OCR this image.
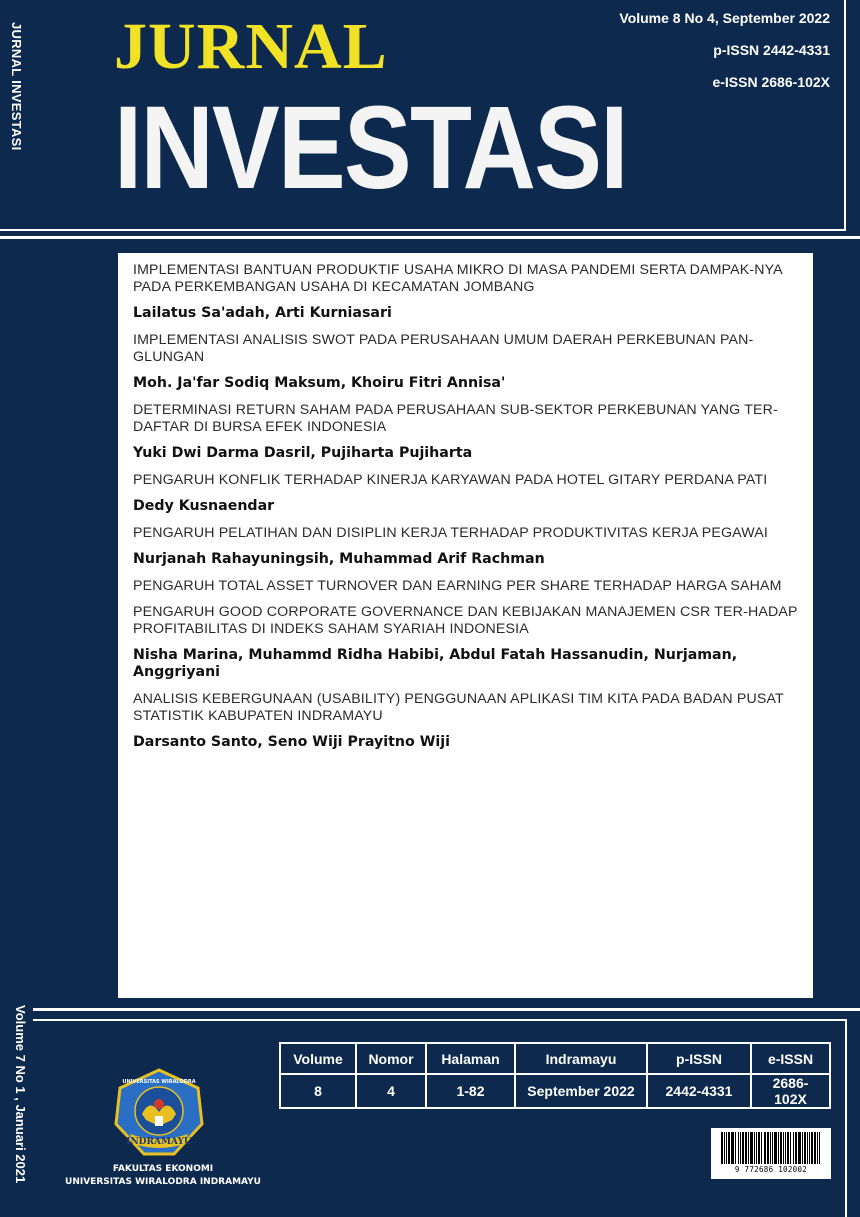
JURNAL INVESTASI JURNAL
INVESTASI
Volume 8 No 4, September 2022
p-ISSN 2442-4331
e-ISSN 2686-102X
IMPLEMENTASI BANTUAN PRODUKTIF USAHA MIKRO DI MASA PANDEMI SERTA DAMPAK-NYA PADA PERKEMBANGAN USAHA DI KECAMATAN JOMBANG
Lailatus Sa'adah, Arti Kurniasari
IMPLEMENTASI ANALISIS SWOT PADA PERUSAHAAN UMUM DAERAH PERKEBUNAN PAN-GLUNGAN
Moh. Ja'far Sodiq Maksum, Khoiru Fitri Annisa'
DETERMINASI RETURN SAHAM PADA PERUSAHAAN SUB-SEKTOR PERKEBUNAN YANG TER-DAFTAR DI BURSA EFEK INDONESIA
Yuki Dwi Darma Dasril, Pujiharta Pujiharta
PENGARUH KONFLIK TERHADAP KINERJA KARYAWAN PADA HOTEL GITARY PERDANA PATI
Dedy Kusnaendar
PENGARUH PELATIHAN DAN DISIPLIN KERJA TERHADAP PRODUKTIVITAS KERJA PEGAWAI
Nurjanah Rahayuningsih, Muhammad Arif Rachman
PENGARUH TOTAL ASSET TURNOVER DAN EARNING PER SHARE TERHADAP HARGA SAHAM
PENGARUH GOOD CORPORATE GOVERNANCE DAN KEBIJAKAN MANAJEMEN CSR TER-HADAP PROFITABILITAS DI INDEKS SAHAM SYARIAH INDONESIA
Nisha Marina, Muhammd Ridha Habibi, Abdul Fatah Hassanudin, Nurjaman, Anggriyani
ANALISIS KEBERGUNAAN (USABILITY) PENGGUNAAN APLIKASI TIM KITA PADA BADAN PUSAT STATISTIK KABUPATEN INDRAMAYU
Darsanto Santo, Seno Wiji Prayitno Wiji
Volume 7 No 1 , Januari 2021	Volume	Nomor	Halaman	Indramayu	p-ISSN	e-ISSN
8	4	1-82	September 2022	2442-4331	2686-102X
INDRAMAYU
UNIVERSITAS WIRALODRA
FAKULTAS EKONOMI
UNIVERSITAS WIRALODRA INDRAMAYU
9 772686 102002
